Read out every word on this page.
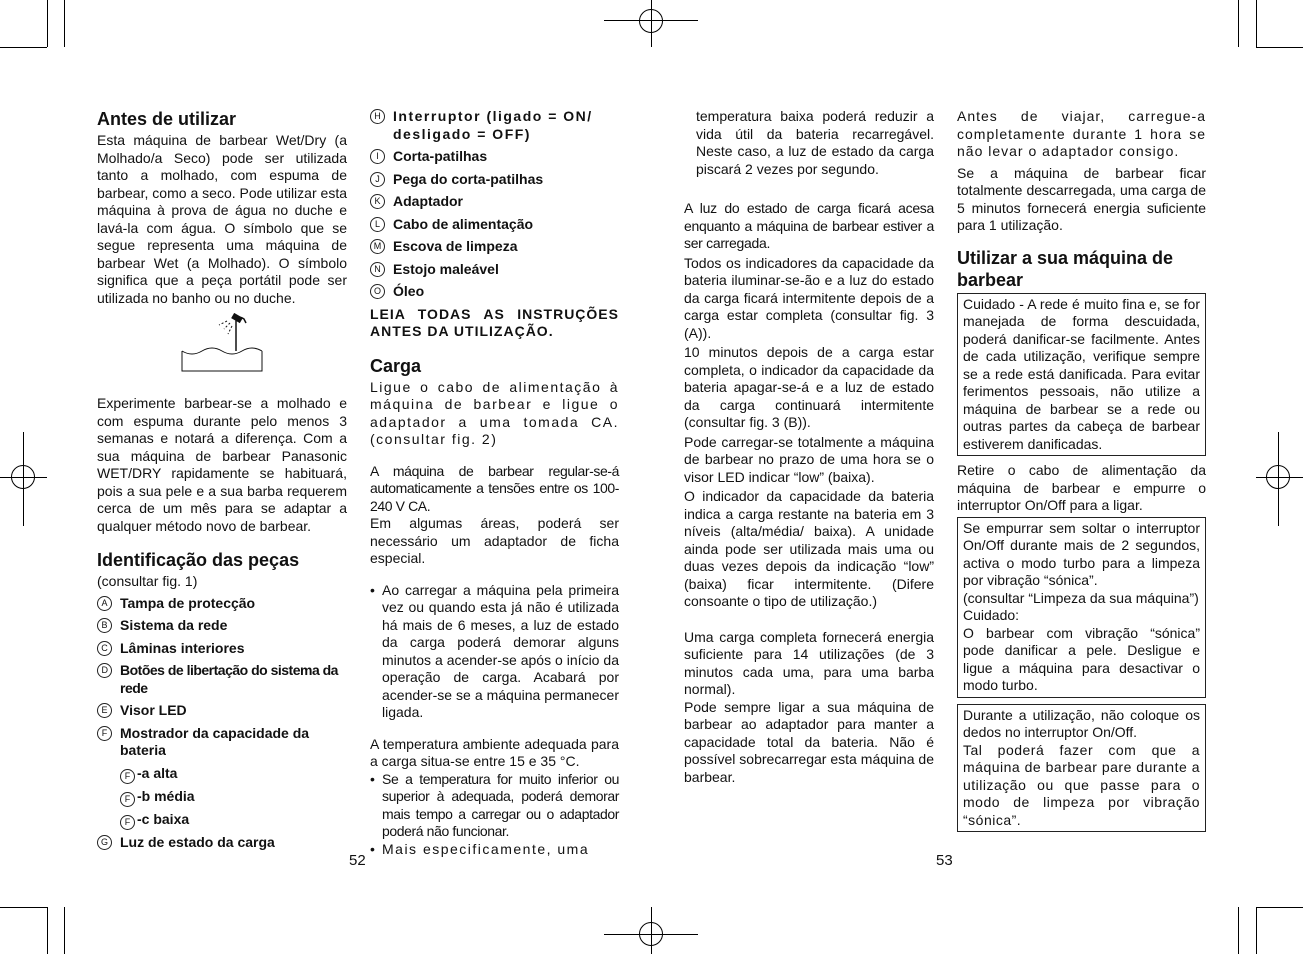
Antes de utilizar

Esta máquina de barbear Wet/Dry (a Molhado/a Seco) pode ser utilizada tanto a molhado, com espuma de barbear, como a seco. Pode utilizar esta máquina à prova de água no duche e lavá-la com água. O símbolo que se segue representa uma máquina de barbear Wet (a Molhado). O símbolo significa que a peça portátil pode ser utilizada no banho ou no duche.

Experimente barbear-se a molhado e com espuma durante pelo menos 3 semanas e notará a diferença. Com a sua máquina de barbear Panasonic WET/DRY rapidamente se habituará, pois a sua pele e a sua barba requerem cerca de um mês para se adaptar a qualquer método novo de barbear.

Identificação das peças

(consultar fig. 1)

A Tampa de protecção
B Sistema da rede
C Lâminas interiores
D Botões de libertação do sistema da rede
E Visor LED
F Mostrador da capacidade da bateria
F -a alta
F -b média
F -c baixa
G Luz de estado da carga
H Interruptor (ligado = ON/ desligado = OFF)
I	Corta-patilhas
J Pega do corta-patilhas
K Adaptador
L Cabo de alimentação
M Escova de limpeza
N Estojo maleável
O Óleo

LEIA TODAS AS INSTRUÇÕES ANTES DA UTILIZAÇÃO.

Carga

Ligue o cabo de alimentação à máquina de barbear e ligue o adaptador a uma tomada CA. (consultar fig. 2)

A máquina de barbear regular-se-á automaticamente a tensões entre os 100-240 V CA.

Em algumas áreas, poderá ser necessário um adaptador de ficha especial.

• Ao carregar a máquina pela primeira vez ou quando esta já não é utilizada há mais de 6 meses, a luz de estado da carga poderá demorar alguns minutos a acender-se após o início da operação de carga. Acabará por acender-se se a máquina permanecer ligada.

A temperatura ambiente adequada para a carga situa-se entre 15 e 35 °C.

• Se a temperatura for muito inferior ou superior à adequada, poderá demorar mais tempo a carregar ou o adaptador poderá não funcionar.
• Mais especificamente, uma
52

temperatura baixa poderá reduzir a vida útil da bateria recarregável. Neste caso, a luz de estado da carga piscará 2 vezes por segundo.

A luz do estado de carga ficará acesa enquanto a máquina de barbear estiver a ser carregada.

Todos os indicadores da capacidade da bateria iluminar-se-ão e a luz do estado da carga ficará intermitente depois de a carga estar completa (consultar fig. 3 (A)).

10 minutos depois de a carga estar completa, o indicador da capacidade da bateria apagar-se-á e a luz de estado da carga continuará intermitente (consultar fig. 3 (B)).

Pode carregar-se totalmente a máquina de barbear no prazo de uma hora se o visor LED indicar “low” (baixa).

O indicador da capacidade da bateria indica a carga restante na bateria em 3 níveis (alta/média/ baixa). A unidade ainda pode ser utilizada mais uma ou duas vezes depois da indicação “low” (baixa) ficar intermitente. (Difere consoante o tipo de utilização.)

Uma carga completa fornecerá energia suficiente para 14 utilizações (de 3 minutos cada uma, para uma barba normal).

Pode sempre ligar a sua máquina de barbear ao adaptador para manter a capacidade total da bateria. Não é possível sobrecarregar esta máquina de barbear.

Antes de viajar, carregue-a completamente durante 1 hora se não levar o adaptador consigo.

Se a máquina de barbear ficar totalmente descarregada, uma carga de 5 minutos fornecerá energia suficiente para 1 utilização.

Utilizar a sua máquina de barbear

Cuidado - A rede é muito fina e, se for manejada de forma descuidada, poderá danificar-se facilmente. Antes de cada utilização, verifique sempre se a rede está danificada. Para evitar ferimentos pessoais, não utilize a máquina de barbear se a rede ou outras partes da cabeça de barbear estiverem danificadas.

Retire o cabo de alimentação da máquina de barbear e empurre o interruptor On/Off para a ligar.

Se empurrar sem soltar o interruptor On/Off durante mais de 2 segundos, activa o modo turbo para a limpeza por vibração “sónica”.

(consultar “Limpeza da sua máquina”)

Cuidado:

O barbear com vibração “sónica” pode danificar a pele. Desligue e ligue a máquina para desactivar o modo turbo.

Durante a utilização, não coloque os dedos no interruptor On/Off.

Tal poderá fazer com que a máquina de barbear pare durante a utilização ou que passe para o modo de limpeza por vibração “sónica”.

53
